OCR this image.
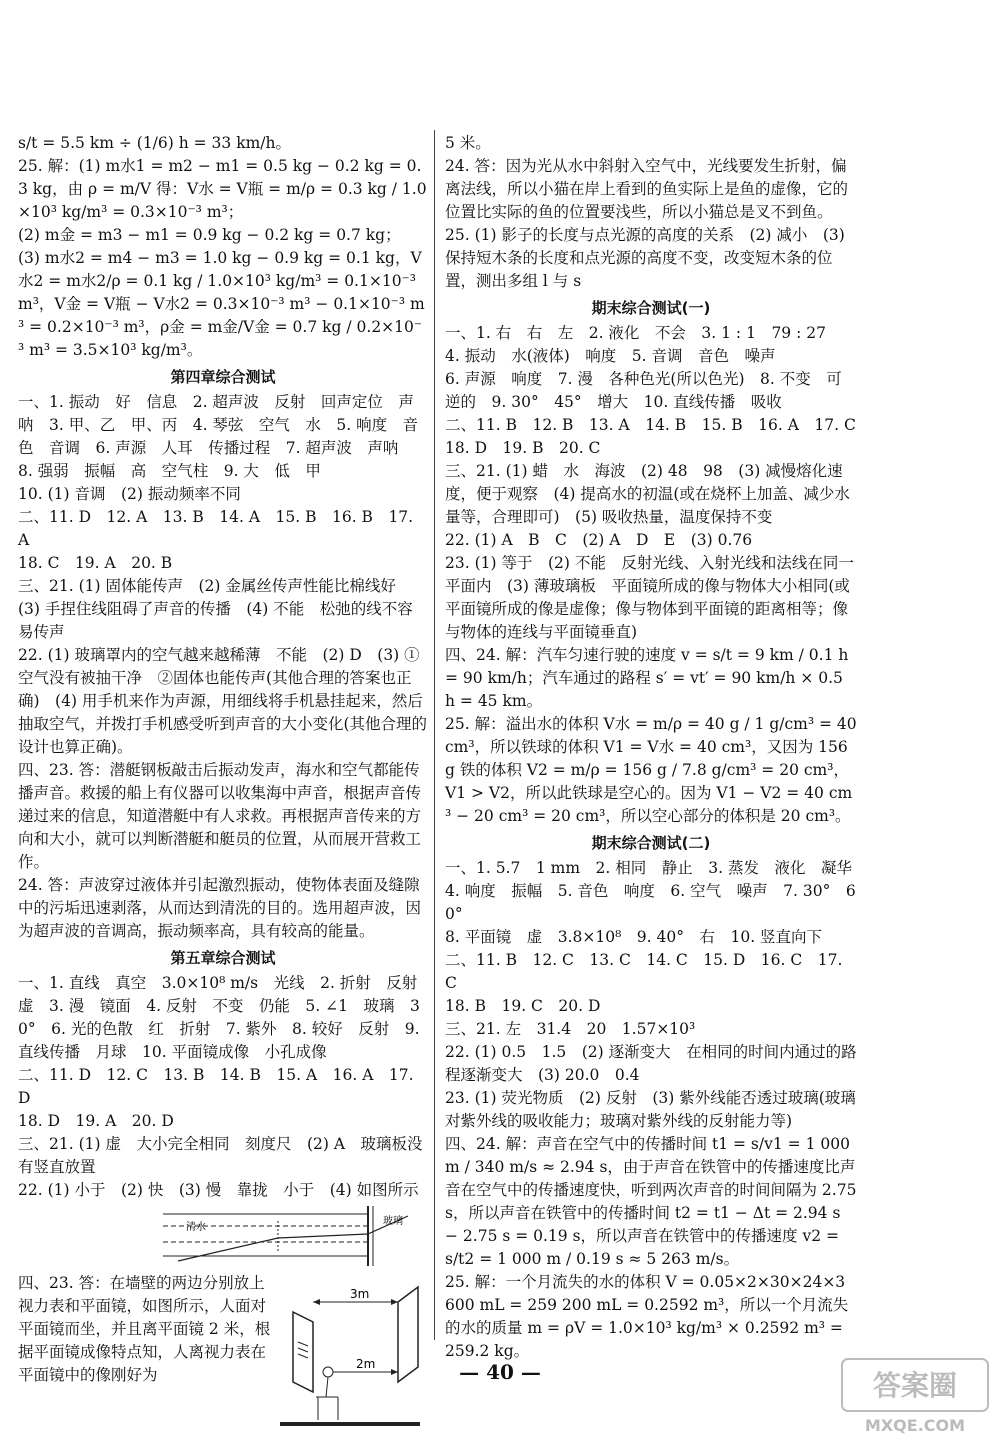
s/t = 5.5 km ÷ (1/6) h = 33 km/h。

25. 解：(1) m水1 = m2 − m1 = 0.5 kg − 0.2 kg = 0.3 kg，由 ρ = m/V 得：V水 = V瓶 = m/ρ = 0.3 kg / 1.0×10³ kg/m³ = 0.3×10⁻³ m³；

(2) m金 = m3 − m1 = 0.9 kg − 0.2 kg = 0.7 kg；

(3) m水2 = m4 − m3 = 1.0 kg − 0.9 kg = 0.1 kg，V水2 = m水2/ρ = 0.1 kg / 1.0×10³ kg/m³ = 0.1×10⁻³ m³，V金 = V瓶 − V水2 = 0.3×10⁻³ m³ − 0.1×10⁻³ m³ = 0.2×10⁻³ m³，ρ金 = m金/V金 = 0.7 kg / 0.2×10⁻³ m³ = 3.5×10³ kg/m³。

第四章综合测试

一、1. 振动　好　信息　2. 超声波　反射　回声定位　声呐　3. 甲、乙　甲、丙　4. 琴弦　空气　水　5. 响度　音色　音调　6. 声源　人耳　传播过程　7. 超声波　声呐　8. 强弱　振幅　高　空气柱　9. 大　低　甲

10. (1) 音调　(2) 振动频率不同

二、11. D　12. A　13. B　14. A　15. B　16. B　17. A

18. C　19. A　20. B

三、21. (1) 固体能传声　(2) 金属丝传声性能比棉线好　(3) 手捏住线阻碍了声音的传播　(4) 不能　松弛的线不容易传声

22. (1) 玻璃罩内的空气越来越稀薄　不能　(2) D　(3) ①空气没有被抽干净　②固体也能传声(其他合理的答案也正确)　(4) 用手机来作为声源，用细线将手机悬挂起来，然后抽取空气，并拨打手机感受听到声音的大小变化(其他合理的设计也算正确)。

四、23. 答：潜艇钢板敲击后振动发声，海水和空气都能传播声音。救援的船上有仪器可以收集海中声音，根据声音传递过来的信息，知道潜艇中有人求救。再根据声音传来的方向和大小，就可以判断潜艇和艇员的位置，从而展开营救工作。

24. 答：声波穿过液体并引起激烈振动，使物体表面及缝隙中的污垢迅速剥落，从而达到清洗的目的。选用超声波，因为超声波的音调高，振动频率高，具有较高的能量。

第五章综合测试

一、1. 直线　真空　3.0×10⁸ m/s　光线　2. 折射　反射　虚　3. 漫　镜面　4. 反射　不变　仍能　5. ∠1　玻璃　30°　6. 光的色散　红　折射　7. 紫外　8. 较好　反射　9. 直线传播　月球　10. 平面镜成像　小孔成像

二、11. D　12. C　13. B　14. B　15. A　16. A　17. D

18. D　19. A　20. D

三、21. (1) 虚　大小完全相同　刻度尺　(2) A　玻璃板没有竖直放置

22. (1) 小于　(2) 快　(3) 慢　靠拢　小于　(4) 如图所示

清水
玻璃

四、23. 答：在墙壁的两边分别放上视力表和平面镜，如图所示，人面对平面镜而坐，并且离平面镜 2 米，根据平面镜成像特点知，人离视力表在平面镜中的像刚好为

3m
2m

5 米。

24. 答：因为光从水中斜射入空气中，光线要发生折射，偏离法线，所以小猫在岸上看到的鱼实际上是鱼的虚像，它的位置比实际的鱼的位置要浅些，所以小猫总是叉不到鱼。

25. (1) 影子的长度与点光源的高度的关系　(2) 减小　(3) 保持短木条的长度和点光源的高度不变，改变短木条的位置，测出多组 l 与 s

期末综合测试(一)

一、1. 右　右　左　2. 液化　不会　3. 1 : 1　79 : 27

4. 振动　水(液体)　响度　5. 音调　音色　噪声

6. 声源　响度　7. 漫　各种色光(所以色光)　8. 不变　可逆的　9. 30°　45°　增大　10. 直线传播　吸收

二、11. B　12. B　13. A　14. B　15. B　16. A　17. C

18. D　19. B　20. C

三、21. (1) 蜡　水　海波　(2) 48　98　(3) 减慢熔化速度，便于观察　(4) 提高水的初温(或在烧杯上加盖、减少水量等，合理即可)　(5) 吸收热量，温度保持不变

22. (1) A　B　C　(2) A　D　E　(3) 0.76

23. (1) 等于　(2) 不能　反射光线、入射光线和法线在同一平面内　(3) 薄玻璃板　平面镜所成的像与物体大小相同(或平面镜所成的像是虚像；像与物体到平面镜的距离相等；像与物体的连线与平面镜垂直)

四、24. 解：汽车匀速行驶的速度 v = s/t = 9 km / 0.1 h = 90 km/h；汽车通过的路程 s′ = vt′ = 90 km/h × 0.5 h = 45 km。

25. 解：溢出水的体积 V水 = m/ρ = 40 g / 1 g/cm³ = 40 cm³，所以铁球的体积 V1 = V水 = 40 cm³，又因为 156 g 铁的体积 V2 = m/ρ = 156 g / 7.8 g/cm³ = 20 cm³，V1 > V2，所以此铁球是空心的。因为 V1 − V2 = 40 cm³ − 20 cm³ = 20 cm³，所以空心部分的体积是 20 cm³。

期末综合测试(二)

一、1. 5.7　1 mm　2. 相同　静止　3. 蒸发　液化　凝华

4. 响度　振幅　5. 音色　响度　6. 空气　噪声　7. 30°　60°

8. 平面镜　虚　3.8×10⁸　9. 40°　右　10. 竖直向下

二、11. B　12. C　13. C　14. C　15. D　16. C　17. C

18. B　19. C　20. D

三、21. 左　31.4　20　1.57×10³

22. (1) 0.5　1.5　(2) 逐渐变大　在相同的时间内通过的路程逐渐变大　(3) 20.0　0.4

23. (1) 荧光物质　(2) 反射　(3) 紫外线能否透过玻璃(玻璃对紫外线的吸收能力；玻璃对紫外线的反射能力等)

四、24. 解：声音在空气中的传播时间 t1 = s/v1 = 1 000 m / 340 m/s ≈ 2.94 s，由于声音在铁管中的传播速度比声音在空气中的传播速度快，听到两次声音的时间间隔为 2.75 s，所以声音在铁管中的传播时间 t2 = t1 − Δt = 2.94 s − 2.75 s = 0.19 s，所以声音在铁管中的传播速度 v2 = s/t2 = 1 000 m / 0.19 s ≈ 5 263 m/s。

25. 解：一个月流失的水的体积 V = 0.05×2×30×24×3 600 mL = 259 200 mL = 0.2592 m³，所以一个月流失的水的质量 m = ρV = 1.0×10³ kg/m³ × 0.2592 m³ = 259.2 kg。

— 40 —	答案圈
MXQE.COM
